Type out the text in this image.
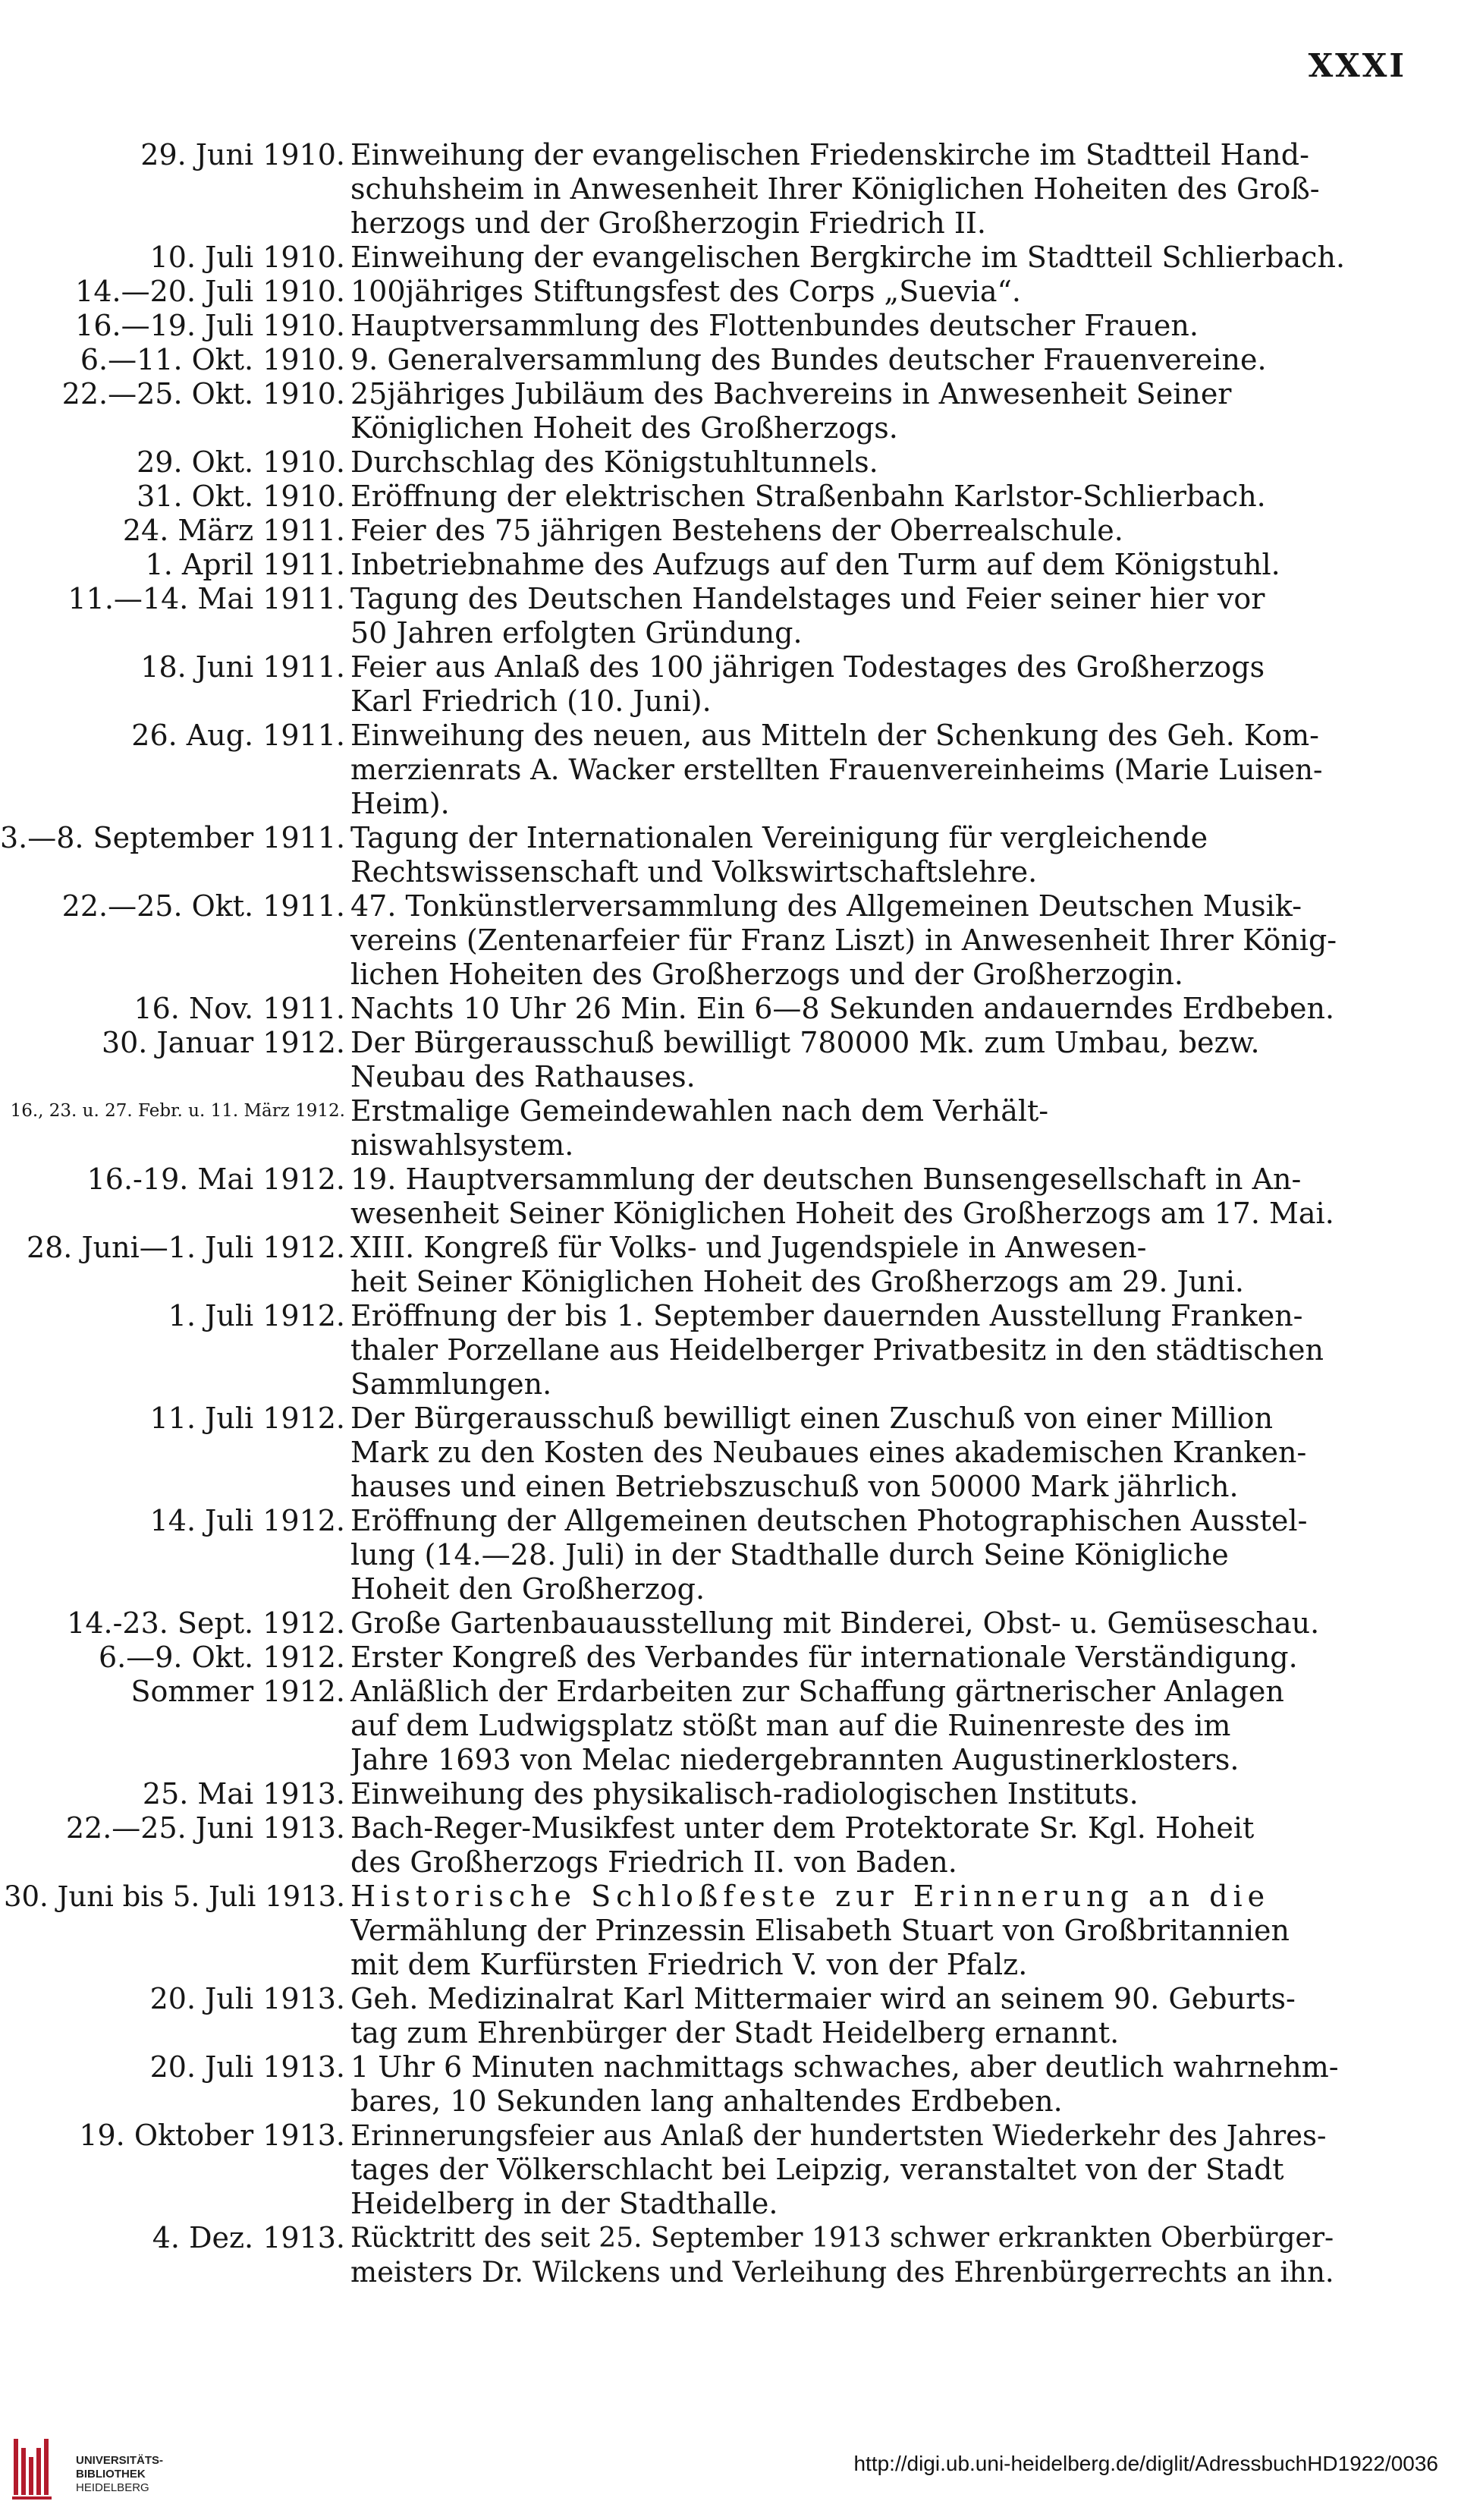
XXXI
29. Juni 1910. Einweihung der evangelischen Friedenskirche im Stadtteil Hand-
schuhsheim in Anwesenheit Ihrer Königlichen Hoheiten des Groß-
herzogs und der Großherzogin Friedrich II.
10. Juli 1910. Einweihung der evangelischen Bergkirche im Stadtteil Schlierbach.
14.—20. Juli 1910. 100jähriges Stiftungsfest des Corps „Suevia“.
16.—19. Juli 1910. Hauptversammlung des Flottenbundes deutscher Frauen.
6.—11. Okt. 1910. 9. Generalversammlung des Bundes deutscher Frauenvereine.
22.—25. Okt. 1910. 25jähriges Jubiläum des Bachvereins in Anwesenheit Seiner
Königlichen Hoheit des Großherzogs.
29. Okt. 1910. Durchschlag des Königstuhltunnels.
31. Okt. 1910. Eröffnung der elektrischen Straßenbahn Karlstor-Schlierbach.
24. März 1911. Feier des 75 jährigen Bestehens der Oberrealschule.
1. April 1911. Inbetriebnahme des Aufzugs auf den Turm auf dem Königstuhl.
11.—14. Mai 1911. Tagung des Deutschen Handelstages und Feier seiner hier vor
50 Jahren erfolgten Gründung.
18. Juni 1911. Feier aus Anlaß des 100 jährigen Todestages des Großherzogs
Karl Friedrich (10. Juni).
26. Aug. 1911. Einweihung des neuen, aus Mitteln der Schenkung des Geh. Kom-
merzienrats A. Wacker erstellten Frauenvereinheims (Marie Luisen-
Heim).
3.—8. September 1911. Tagung der Internationalen Vereinigung für vergleichende
Rechtswissenschaft und Volkswirtschaftslehre.
22.—25. Okt. 1911. 47. Tonkünstlerversammlung des Allgemeinen Deutschen Musik-
vereins (Zentenarfeier für Franz Liszt) in Anwesenheit Ihrer König-
lichen Hoheiten des Großherzogs und der Großherzogin.
16. Nov. 1911. Nachts 10 Uhr 26 Min. Ein 6—8 Sekunden andauerndes Erdbeben.
30. Januar 1912. Der Bürgerausschuß bewilligt 780000 Mk. zum Umbau, bezw.
Neubau des Rathauses.
16., 23. u. 27. Febr. u. 11. März 1912. Erstmalige Gemeindewahlen nach dem Verhält-
niswahlsystem.
16.-19. Mai 1912. 19. Hauptversammlung der deutschen Bunsengesellschaft in An-
wesenheit Seiner Königlichen Hoheit des Großherzogs am 17. Mai.
28. Juni—1. Juli 1912. XIII. Kongreß für Volks- und Jugendspiele in Anwesen-
heit Seiner Königlichen Hoheit des Großherzogs am 29. Juni.
1. Juli 1912. Eröffnung der bis 1. September dauernden Ausstellung Franken-
thaler Porzellane aus Heidelberger Privatbesitz in den städtischen
Sammlungen.
11. Juli 1912. Der Bürgerausschuß bewilligt einen Zuschuß von einer Million
Mark zu den Kosten des Neubaues eines akademischen Kranken-
hauses und einen Betriebszuschuß von 50000 Mark jährlich.
14. Juli 1912. Eröffnung der Allgemeinen deutschen Photographischen Ausstel-
lung (14.—28. Juli) in der Stadthalle durch Seine Königliche
Hoheit den Großherzog.
14.-23. Sept. 1912. Große Gartenbauausstellung mit Binderei, Obst- u. Gemüseschau.
6.—9. Okt. 1912. Erster Kongreß des Verbandes für internationale Verständigung.
Sommer 1912. Anläßlich der Erdarbeiten zur Schaffung gärtnerischer Anlagen
auf dem Ludwigsplatz stößt man auf die Ruinenreste des im
Jahre 1693 von Melac niedergebrannten Augustinerklosters.
25. Mai 1913. Einweihung des physikalisch-radiologischen Instituts.
22.—25. Juni 1913. Bach-Reger-Musikfest unter dem Protektorate Sr. Kgl. Hoheit
des Großherzogs Friedrich II. von Baden.
30. Juni bis 5. Juli 1913. Historische Schloßfeste zur Erinnerung an die
Vermählung der Prinzessin Elisabeth Stuart von Großbritannien
mit dem Kurfürsten Friedrich V. von der Pfalz.
20. Juli 1913. Geh. Medizinalrat Karl Mittermaier wird an seinem 90. Geburts-
tag zum Ehrenbürger der Stadt Heidelberg ernannt.
20. Juli 1913. 1 Uhr 6 Minuten nachmittags schwaches, aber deutlich wahrnehm-
bares, 10 Sekunden lang anhaltendes Erdbeben.
19. Oktober 1913. Erinnerungsfeier aus Anlaß der hundertsten Wiederkehr des Jahres-
tages der Völkerschlacht bei Leipzig, veranstaltet von der Stadt
Heidelberg in der Stadthalle.
4. Dez. 1913. Rücktritt des seit 25. September 1913 schwer erkrankten Oberbürger-
meisters Dr. Wilckens und Verleihung des Ehrenbürgerrechts an ihn.
UNIVERSITÄTS-
BIBLIOTHEK
HEIDELBERG
http://digi.ub.uni-heidelberg.de/diglit/AdressbuchHD1922/0036
